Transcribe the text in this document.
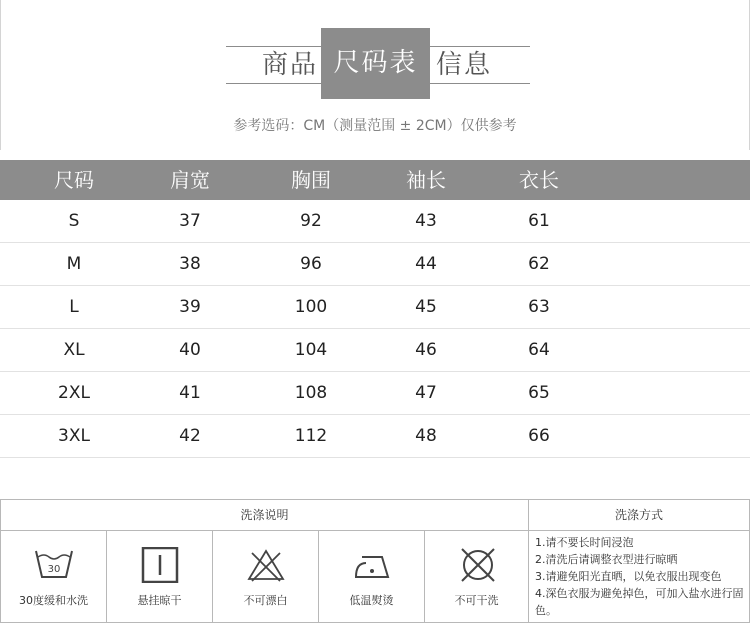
商品 尺码表 信息
参考选码：CM（测量范围 ± 2CM）仅供参考
尺码	肩宽	胸围	袖长	衣长
S	37	92	43	61
M	38	96	44	62
L	39	100	45	63
XL	40	104	46	64
2XL	41	108	47	65
3XL	42	112	48	66
洗涤说明	洗涤方式
30
30度缓和水洗	悬挂晾干	不可漂白	低温熨烫	不可干洗
1.请不要长时间浸泡
2.清洗后请调整衣型进行晾晒
3.请避免阳光直晒，以免衣服出现变色
4.深色衣服为避免掉色，可加入盐水进行固色。
